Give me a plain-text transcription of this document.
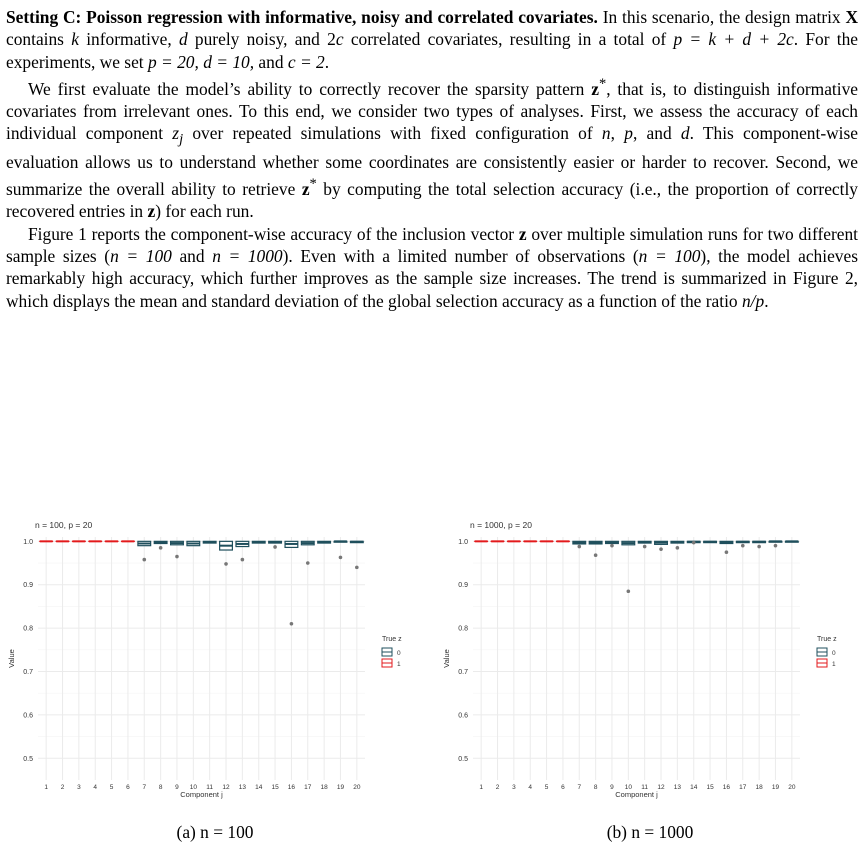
Setting C: Poisson regression with informative, noisy and correlated covariates. In this scenario, the design matrix X contains k informative, d purely noisy, and 2c correlated covariates, resulting in a total of p = k + d + 2c. For the experiments, we set p = 20, d = 10, and c = 2.

We first evaluate the model’s ability to correctly recover the sparsity pattern z*, that is, to distinguish informative covariates from irrelevant ones. To this end, we consider two types of analyses. First, we assess the accuracy of each individual component $z_j$ over repeated simulations with fixed configuration of n, p, and d. This component-wise evaluation allows us to understand whether some coordinates are consistently easier or harder to recover. Second, we summarize the overall ability to retrieve z* by computing the total selection accuracy (i.e., the proportion of correctly recovered entries in z) for each run.

Figure 1 reports the component-wise accuracy of the inclusion vector z over multiple simulation runs for two different sample sizes (n = 100 and n = 1000). Even with a limited number of observations (n = 100), the model achieves remarkably high accuracy, which further improves as the sample size increases. The trend is summarized in Figure 2, which displays the mean and standard deviation of the global selection accuracy as a function of the ratio n/p.

0.5
0.6
0.7
0.8
0.9
1.0
1 2 3 4 5 6 7 8 9 10 11 12 13 14 15 16 17 18 19 20
n = 100, p = 20
Component j
Value
True z
0
1
(a) n = 100
0.5
0.6
0.7
0.8
0.9
1.0
1 2 3 4 5 6 7 8 9 10 11 12 13 14 15 16 17 18 19 20
n = 1000, p = 20
Component j
Value
True z
0
1
(b) n = 1000
